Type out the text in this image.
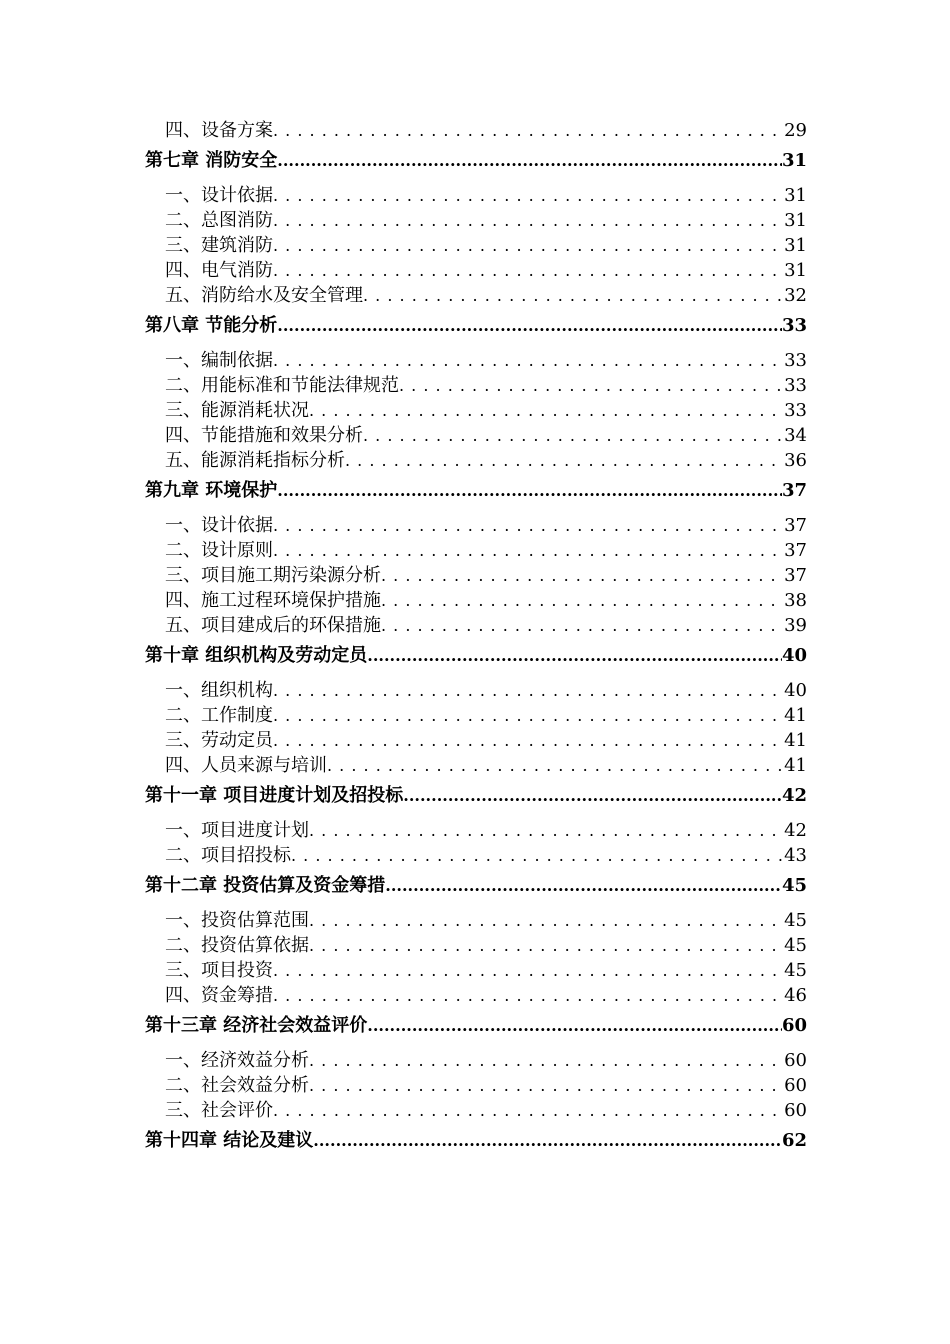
四、设备方案 . . .	29
第七章 消防安全 .....	31
一、设计依据 . . .	31
二、总图消防 . . .	31
三、建筑消防 . . .	31
四、电气消防 . . .	31
五、消防给水及安全管理 . . .	32
第八章 节能分析 .....	33
一、编制依据 . . .	33
二、用能标准和节能法律规范 . . .	33
三、能源消耗状况 . . .	33
四、节能措施和效果分析 . . .	34
五、能源消耗指标分析 . . .	36
第九章 环境保护 .....	37
一、设计依据 . . .	37
二、设计原则 . . .	37
三、项目施工期污染源分析 . . .	37
四、施工过程环境保护措施 . . .	38
五、项目建成后的环保措施 . . .	39
第十章 组织机构及劳动定员 .....	40
一、组织机构 . . .	40
二、工作制度 . . .	41
三、劳动定员 . . .	41
四、人员来源与培训 . . .	41
第十一章 项目进度计划及招投标 .....	42
一、项目进度计划 . . .	42
二、项目招投标 . . .	43
第十二章 投资估算及资金筹措 .....	45
一、投资估算范围 . . .	45
二、投资估算依据 . . .	45
三、项目投资 . . .	45
四、资金筹措 . . .	46
第十三章 经济社会效益评价 .....	60
一、经济效益分析 . . .	60
二、社会效益分析 . . .	60
三、社会评价 . . .	60
第十四章 结论及建议 .....	62
